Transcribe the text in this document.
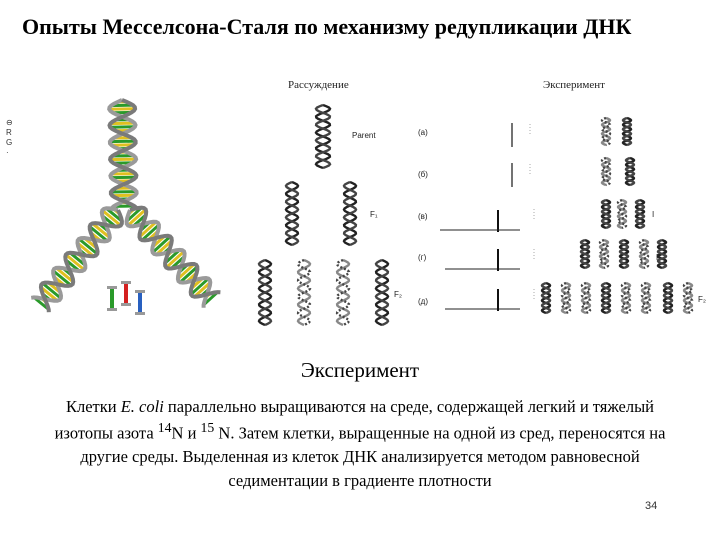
Опыты Месселсона-Сталя по механизму редупликации ДНК
⊖ R G ·
Рассуждение	Эксперимент
Parent
F₁
F₂
(а)
(б)
(в)
(г)
(д)
I
F
F₂
Эксперимент
Клетки E. coli параллельно выращиваются на среде, содержащей легкий и тяжелый изотопы азота $^{14}$N и $^{15}$ N. Затем клетки, выращенные на одной из сред, переносятся на другие среды. Выделенная из клеток ДНК анализируется методом равновесной седиментации в градиенте плотности
34
